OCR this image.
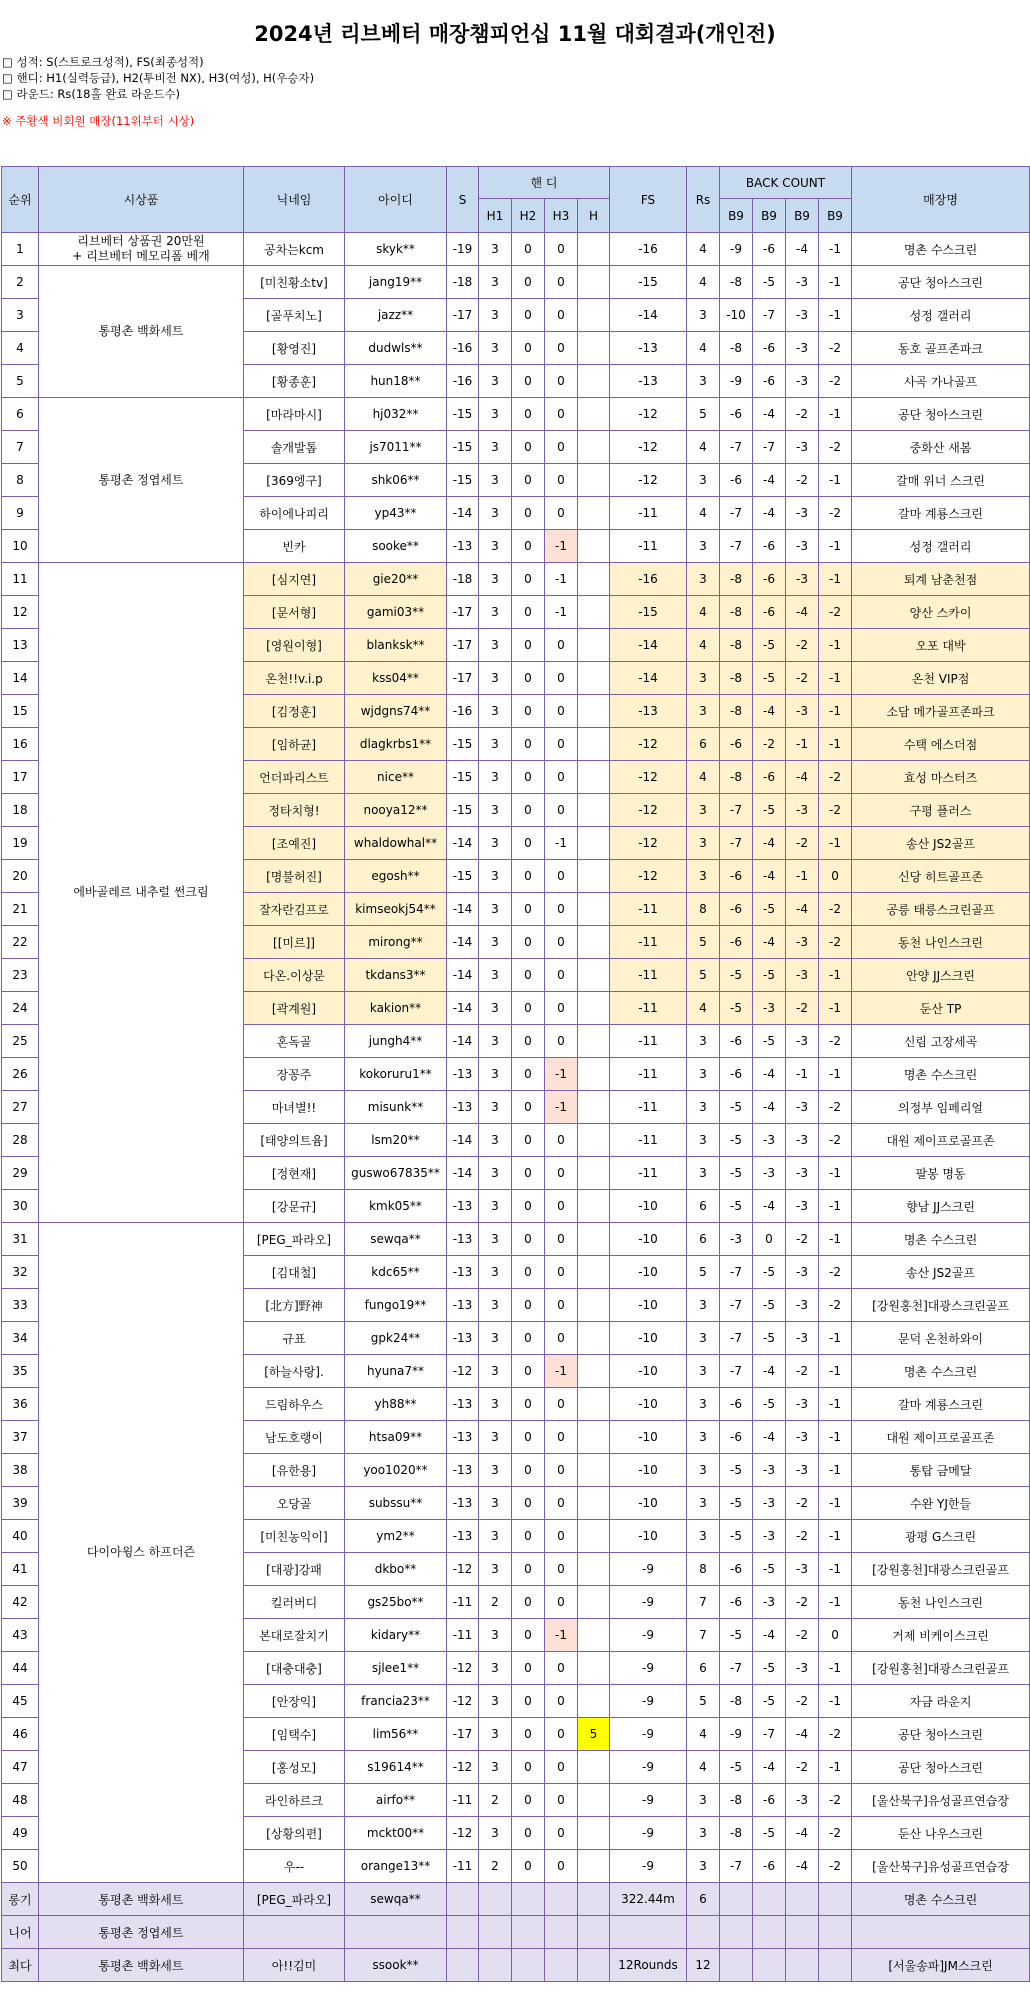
2024년 리브베터 매장챔피언십 11월 대회결과(개인전)
□ 성적: S(스트로크성적), FS(최종성적)
□ 핸디: H1(실력등급), H2(투비전 NX), H3(여성), H(우승자)
□ 라운드: Rs(18홀 완료 라운드수)
※ 주황색 비회원 매장(11위부터 시상)
순위	시상품	닉네임	아이디	S	핸 디				FS	Rs	BACK COUNT				매장명
					H1	H2	H3	H			B9	B9	B9	B9	
1	리브베터 상품권 20만원
+ 리브베터 메모리폼 베개	공차는kcm	skyk**	-19	3	0	0		-16	4	-9	-6	-4	-1	명촌 수스크린
2	통평촌 백화세트	[미친황소tv]	jang19**	-18	3	0	0		-15	4	-8	-5	-3	-1	공단 청아스크린
3		[골푸치노]	jazz**	-17	3	0	0		-14	3	-10	-7	-3	-1	성정 갤러리
4		[황영진]	dudwls**	-16	3	0	0		-13	4	-8	-6	-3	-2	동호 골프존파크
5		[황종훈]	hun18**	-16	3	0	0		-13	3	-9	-6	-3	-2	사곡 가나골프
6	통평촌 정엽세트	[마라마시]	hj032**	-15	3	0	0		-12	5	-6	-4	-2	-1	공단 청아스크린
7		솔개발톱	js7011**	-15	3	0	0		-12	4	-7	-7	-3	-2	중화산 새봄
8		[369엥구]	shk06**	-15	3	0	0		-12	3	-6	-4	-2	-1	갈매 위너 스크린
9		하이에나피리	yp43**	-14	3	0	0		-11	4	-7	-4	-3	-2	갈마 계룡스크린
10		빈카	sooke**	-13	3	0	-1		-11	3	-7	-6	-3	-1	성정 갤러리
11	에바골레르 내추럴 썬크림	[심지연]	gie20**	-18	3	0	-1		-16	3	-8	-6	-3	-1	퇴계 남춘천점
12		[문서형]	gami03**	-17	3	0	-1		-15	4	-8	-6	-4	-2	양산 스카이
13		[영원이형]	blanksk**	-17	3	0	0		-14	4	-8	-5	-2	-1	오포 대박
14		온천!!v.i.p	kss04**	-17	3	0	0		-14	3	-8	-5	-2	-1	온천 VIP점
15		[김정훈]	wjdgns74**	-16	3	0	0		-13	3	-8	-4	-3	-1	소담 메가골프존파크
16		[임하균]	dlagkrbs1**	-15	3	0	0		-12	6	-6	-2	-1	-1	수택 에스더점
17		언더파리스트	nice**	-15	3	0	0		-12	4	-8	-6	-4	-2	효성 마스터즈
18		정타치형!	nooya12**	-15	3	0	0		-12	3	-7	-5	-3	-2	구평 플러스
19		[조예진]	whaldowhal**	-14	3	0	-1		-12	3	-7	-4	-2	-1	송산 JS2골프
20		[명불허진]	egosh**	-15	3	0	0		-12	3	-6	-4	-1	0	신당 히트골프존
21		잘자란김프로	kimseokj54**	-14	3	0	0		-11	8	-6	-5	-4	-2	공릉 태릉스크린골프
22		[[미르]]	mirong**	-14	3	0	0		-11	5	-6	-4	-3	-2	동천 나인스크린
23		다온.이상문	tkdans3**	-14	3	0	0		-11	5	-5	-5	-3	-1	안양 JJ스크린
24		[곽계원]	kakion**	-14	3	0	0		-11	4	-5	-3	-2	-1	둔산 TP
25		혼독골	jungh4**	-14	3	0	0		-11	3	-6	-5	-3	-2	신림 고장세곡
26		장꽁주	kokoruru1**	-13	3	0	-1		-11	3	-6	-4	-1	-1	명촌 수스크린
27		마녀별!!	misunk**	-13	3	0	-1		-11	3	-5	-4	-3	-2	의정부 임페리얼
28		[태양의트윰]	lsm20**	-14	3	0	0		-11	3	-5	-3	-3	-2	대원 제이프로골프존
29		[정현재]	guswo67835**	-14	3	0	0		-11	3	-5	-3	-3	-1	팔봉 명동
30		[강문규]	kmk05**	-13	3	0	0		-10	6	-5	-4	-3	-1	향남 JJ스크린
31	다이아윙스 하프더즌	[PEG_파라오]	sewqa**	-13	3	0	0		-10	6	-3	0	-2	-1	명촌 수스크린
32		[김대철]	kdc65**	-13	3	0	0		-10	5	-7	-5	-3	-2	송산 JS2골프
33		[北方]野神	fungo19**	-13	3	0	0		-10	3	-7	-5	-3	-2	[강원홍천]대광스크린골프
34		규표	gpk24**	-13	3	0	0		-10	3	-7	-5	-3	-1	문덕 온천하와이
35		[하늘사랑].	hyuna7**	-12	3	0	-1		-10	3	-7	-4	-2	-1	명촌 수스크린
36		드림하우스	yh88**	-13	3	0	0		-10	3	-6	-5	-3	-1	갈마 계룡스크린
37		남도호랭이	htsa09**	-13	3	0	0		-10	3	-6	-4	-3	-1	대원 제이프로골프존
38		[유한용]	yoo1020**	-13	3	0	0		-10	3	-5	-3	-3	-1	통탑 금메달
39		오당골	subssu**	-13	3	0	0		-10	3	-5	-3	-2	-1	수완 YJ한들
40		[미친농익이]	ym2**	-13	3	0	0		-10	3	-5	-3	-2	-1	광평 G스크린
41		[대광]강패	dkbo**	-12	3	0	0		-9	8	-6	-5	-3	-1	[강원홍천]대광스크린골프
42		킬러버디	gs25bo**	-11	2	0	0		-9	7	-6	-3	-2	-1	동천 나인스크린
43		본대로잘치기	kidary**	-11	3	0	-1		-9	7	-5	-4	-2	0	거제 비케이스크린
44		[대충대충]	sjlee1**	-12	3	0	0		-9	6	-7	-5	-3	-1	[강원홍천]대광스크린골프
45		[안장익]	francia23**	-12	3	0	0		-9	5	-8	-5	-2	-1	자금 라운지
46		[임택수]	lim56**	-17	3	0	0	5	-9	4	-9	-7	-4	-2	공단 청아스크린
47		[홍성모]	s19614**	-12	3	0	0		-9	4	-5	-4	-2	-1	공단 청아스크린
48		라인하르크	airfo**	-11	2	0	0		-9	3	-8	-6	-3	-2	[울산북구]유성골프연습장
49		[상황의편]	mckt00**	-12	3	0	0		-9	3	-8	-5	-4	-2	둔산 나우스크린
50		우--	orange13**	-11	2	0	0		-9	3	-7	-6	-4	-2	[울산북구]유성골프연습장
롱기	통평촌 백화세트	[PEG_파라오]	sewqa**						322.44m	6					명촌 수스크린
니어	통평촌 정엽세트														
최다	통평촌 백화세트	아!!김미	ssook**						12Rounds	12					[서울송파]JM스크린
